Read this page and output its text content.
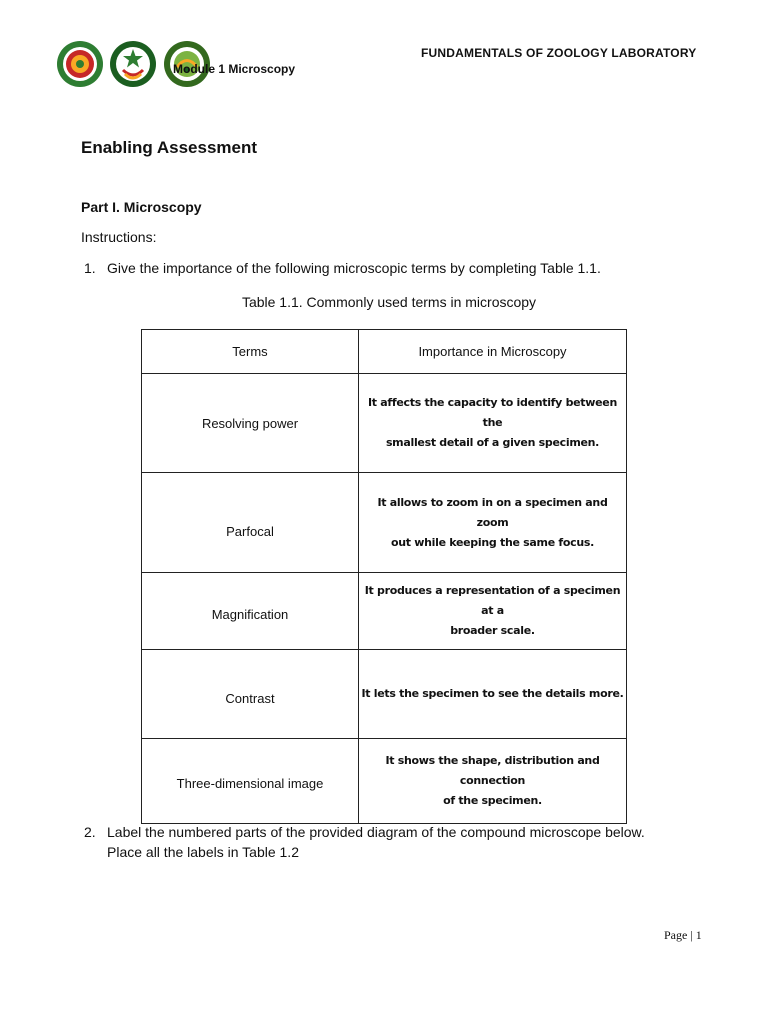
Module 1 Microscopy
FUNDAMENTALS OF ZOOLOGY LABORATORY
Enabling Assessment
Part I. Microscopy
Instructions:
1. Give the importance of the following microscopic terms by completing Table 1.1.
Table 1.1. Commonly used terms in microscopy
Terms	Importance in Microscopy
Resolving power	It affects the capacity to identify between the
smallest detail of a given specimen.
Parfocal	It allows to zoom in on a specimen and zoom
out while keeping the same focus.
Magnification	It produces a representation of a specimen at a
broader scale.
Contrast	It lets the specimen to see the details more.
Three-dimensional image	It shows the shape, distribution and connection
of the specimen.
2. Label the numbered parts of the provided diagram of the compound microscope below.
Place all the labels in Table 1.2
Page | 1
